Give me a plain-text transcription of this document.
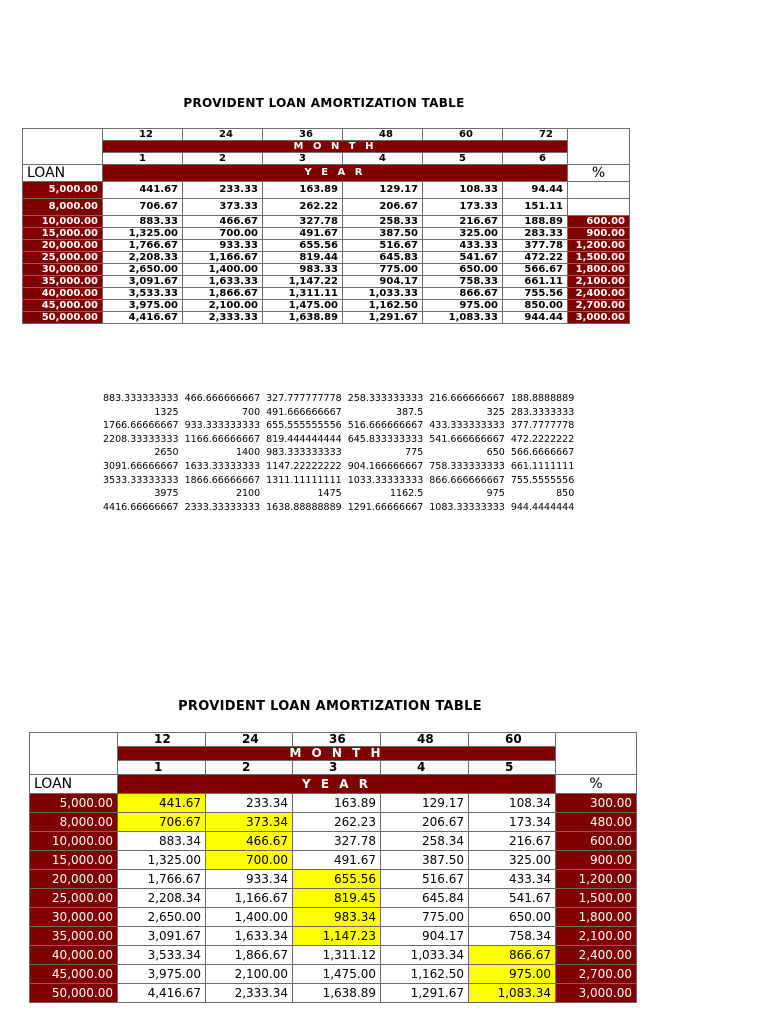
PROVIDENT LOAN AMORTIZATION TABLE
	12	24	36	48	60	72	
	M O N T H						
	1	2	3	4	5	6	
LOAN	Y E A R						%
5,000.00	441.67	233.33	163.89	129.17	108.33	94.44	
8,000.00	706.67	373.33	262.22	206.67	173.33	151.11	
10,000.00	883.33	466.67	327.78	258.33	216.67	188.89	600.00
15,000.00	1,325.00	700.00	491.67	387.50	325.00	283.33	900.00
20,000.00	1,766.67	933.33	655.56	516.67	433.33	377.78	1,200.00
25,000.00	2,208.33	1,166.67	819.44	645.83	541.67	472.22	1,500.00
30,000.00	2,650.00	1,400.00	983.33	775.00	650.00	566.67	1,800.00
35,000.00	3,091.67	1,633.33	1,147.22	904.17	758.33	661.11	2,100.00
40,000.00	3,533.33	1,866.67	1,311.11	1,033.33	866.67	755.56	2,400.00
45,000.00	3,975.00	2,100.00	1,475.00	1,162.50	975.00	850.00	2,700.00
50,000.00	4,416.67	2,333.33	1,638.89	1,291.67	1,083.33	944.44	3,000.00
883.333333333	466.666666667	327.777777778	258.333333333	216.666666667	188.8888889
1325	700	491.666666667	387.5	325	283.3333333
1766.66666667	933.333333333	655.555555556	516.666666667	433.333333333	377.7777778
2208.33333333	1166.66666667	819.444444444	645.833333333	541.666666667	472.2222222
2650	1400	983.333333333	775	650	566.6666667
3091.66666667	1633.33333333	1147.22222222	904.166666667	758.333333333	661.1111111
3533.33333333	1866.66666667	1311.11111111	1033.33333333	866.666666667	755.5555556
3975	2100	1475	1162.5	975	850
4416.66666667	2333.33333333	1638.88888889	1291.66666667	1083.33333333	944.4444444
PROVIDENT LOAN AMORTIZATION TABLE
	12	24	36	48	60	
	M O N T H					
	1	2	3	4	5	
LOAN	Y E A R					%
5,000.00	441.67	233.34	163.89	129.17	108.34	300.00
8,000.00	706.67	373.34	262.23	206.67	173.34	480.00
10,000.00	883.34	466.67	327.78	258.34	216.67	600.00
15,000.00	1,325.00	700.00	491.67	387.50	325.00	900.00
20,000.00	1,766.67	933.34	655.56	516.67	433.34	1,200.00
25,000.00	2,208.34	1,166.67	819.45	645.84	541.67	1,500.00
30,000.00	2,650.00	1,400.00	983.34	775.00	650.00	1,800.00
35,000.00	3,091.67	1,633.34	1,147.23	904.17	758.34	2,100.00
40,000.00	3,533.34	1,866.67	1,311.12	1,033.34	866.67	2,400.00
45,000.00	3,975.00	2,100.00	1,475.00	1,162.50	975.00	2,700.00
50,000.00	4,416.67	2,333.34	1,638.89	1,291.67	1,083.34	3,000.00
